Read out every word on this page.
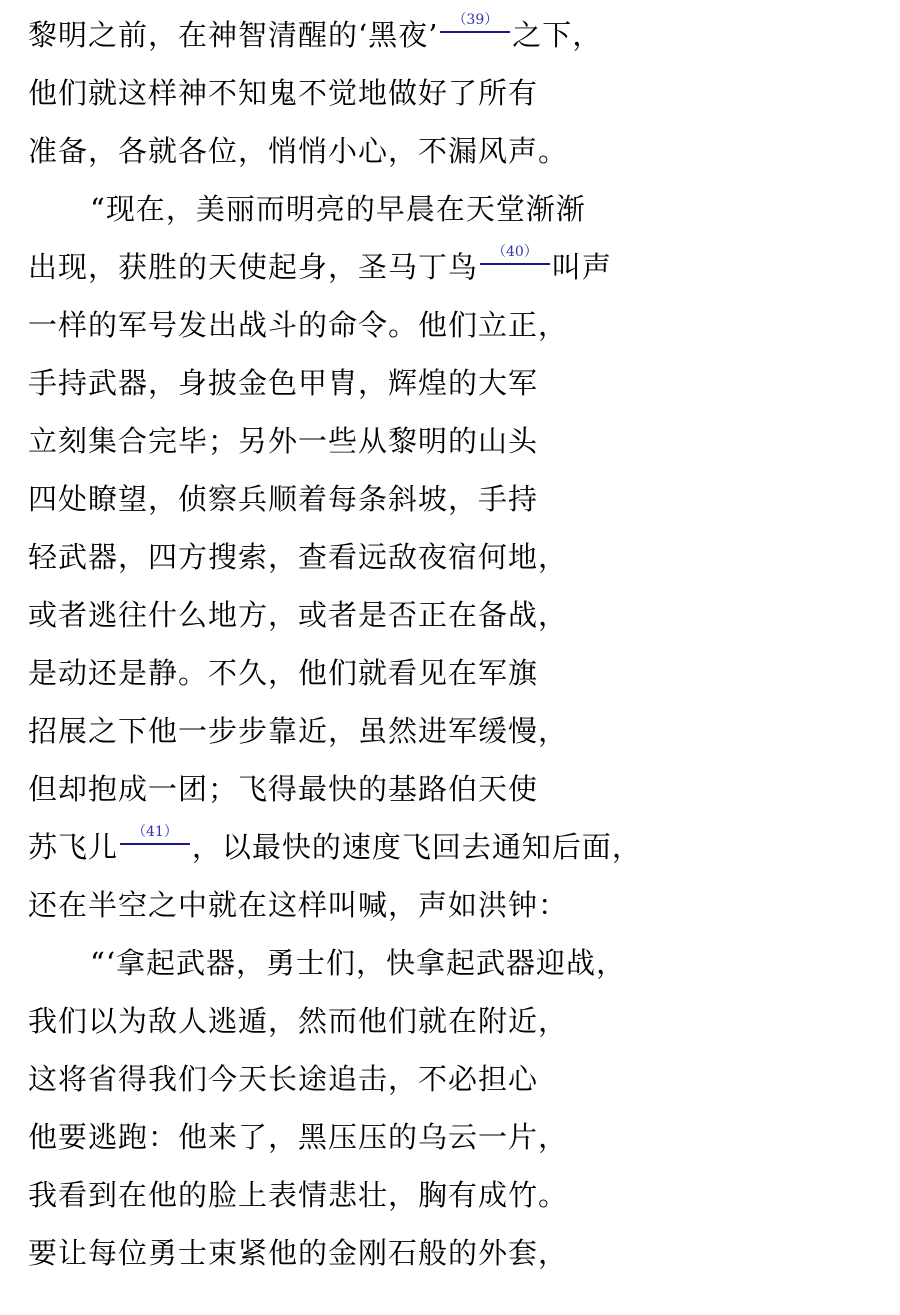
黎明之前，在神智清醒的‘黑夜’ （39） 之下，
他们就这样神不知鬼不觉地做好了所有
准备，各就各位，悄悄小心，不漏风声。
“现在，美丽而明亮的早晨在天堂渐渐
出现，获胜的天使起身，圣马丁鸟 （40） 叫声
一样的军号发出战斗的命令。他们立正，
手持武器，身披金色甲胄，辉煌的大军
立刻集合完毕；另外一些从黎明的山头
四处瞭望，侦察兵顺着每条斜坡，手持
轻武器，四方搜索，查看远敌夜宿何地，
或者逃往什么地方，或者是否正在备战，
是动还是静。不久，他们就看见在军旗
招展之下他一步步靠近，虽然进军缓慢，
但却抱成一团；飞得最快的基路伯天使
苏飞儿 （41） ，以最快的速度飞回去通知后面，
还在半空之中就在这样叫喊，声如洪钟：
“‘拿起武器，勇士们，快拿起武器迎战，
我们以为敌人逃遁，然而他们就在附近，
这将省得我们今天长途追击，不必担心
他要逃跑：他来了，黑压压的乌云一片，
我看到在他的脸上表情悲壮，胸有成竹。
要让每位勇士束紧他的金刚石般的外套，
